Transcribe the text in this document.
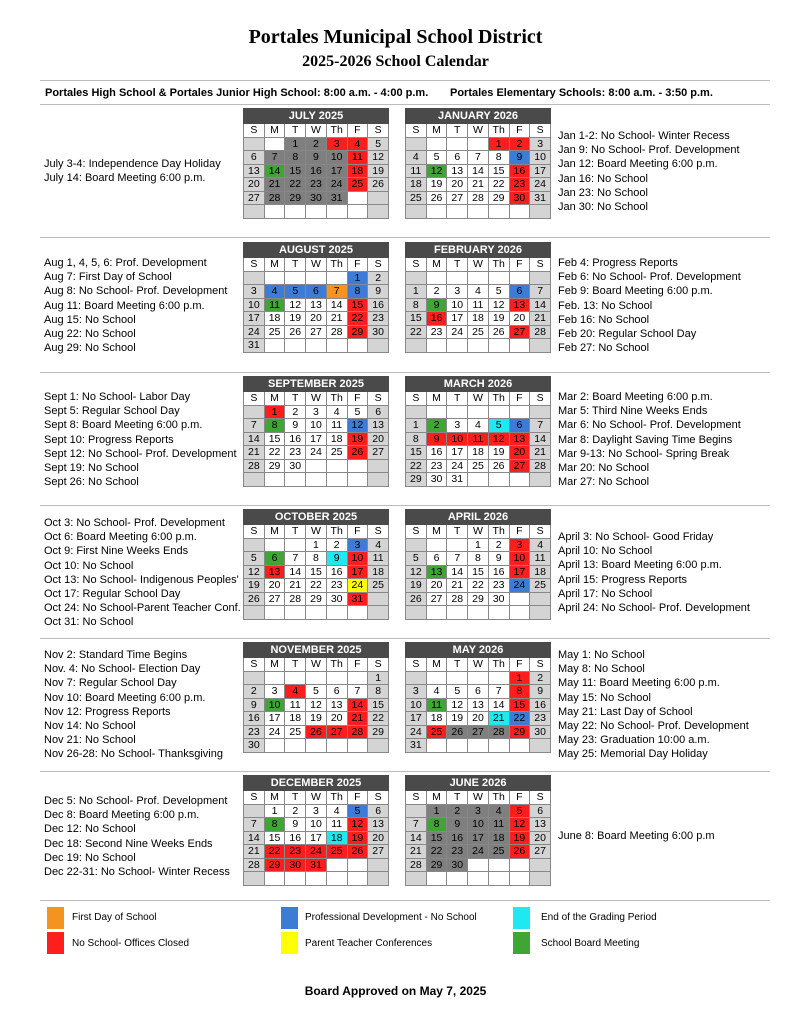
Portales Municipal School District
2025-2026 School Calendar
Portales High School & Portales Junior High School: 8:00 a.m. - 4:00 p.m. Portales Elementary Schools: 8:00 a.m. - 3:50 p.m.
JULY 2025						
S	M	T	W	Th	F	S
		1	2	3	4	5
6	7	8	9	10	11	12
13	14	15	16	17	18	19
20	21	22	23	24	25	26
27	28	29	30	31		

JANUARY 2026						
S	M	T	W	Th	F	S
				1	2	3
4	5	6	7	8	9	10
11	12	13	14	15	16	17
18	19	20	21	22	23	24
25	26	27	28	29	30	31

AUGUST 2025						
S	M	T	W	Th	F	S
					1	2
3	4	5	6	7	8	9
10	11	12	13	14	15	16
17	18	19	20	21	22	23
24	25	26	27	28	29	30
31						
FEBRUARY 2026						
S	M	T	W	Th	F	S

1	2	3	4	5	6	7
8	9	10	11	12	13	14
15	16	17	18	19	20	21
22	23	24	25	26	27	28

SEPTEMBER 2025						
S	M	T	W	Th	F	S
	1	2	3	4	5	6
7	8	9	10	11	12	13
14	15	16	17	18	19	20
21	22	23	24	25	26	27
28	29	30				

MARCH 2026						
S	M	T	W	Th	F	S

1	2	3	4	5	6	7
8	9	10	11	12	13	14
15	16	17	18	19	20	21
22	23	24	25	26	27	28
29	30	31				
OCTOBER 2025						
S	M	T	W	Th	F	S
			1	2	3	4
5	6	7	8	9	10	11
12	13	14	15	16	17	18
19	20	21	22	23	24	25
26	27	28	29	30	31	

APRIL 2026						
S	M	T	W	Th	F	S
			1	2	3	4
5	6	7	8	9	10	11
12	13	14	15	16	17	18
19	20	21	22	23	24	25
26	27	28	29	30		

NOVEMBER 2025						
S	M	T	W	Th	F	S
						1
2	3	4	5	6	7	8
9	10	11	12	13	14	15
16	17	18	19	20	21	22
23	24	25	26	27	28	29
30						
MAY 2026						
S	M	T	W	Th	F	S
					1	2
3	4	5	6	7	8	9
10	11	12	13	14	15	16
17	18	19	20	21	22	23
24	25	26	27	28	29	30
31						
DECEMBER 2025						
S	M	T	W	Th	F	S
	1	2	3	4	5	6
7	8	9	10	11	12	13
14	15	16	17	18	19	20
21	22	23	24	25	26	27
28	29	30	31			

JUNE 2026						
S	M	T	W	Th	F	S
	1	2	3	4	5	6
7	8	9	10	11	12	13
14	15	16	17	18	19	20
21	22	23	24	25	26	27
28	29	30				

July 3-4: Independence Day Holiday
July 14: Board Meeting 6:00 p.m.
Aug 1, 4, 5, 6: Prof. Development
Aug 7: First Day of School
Aug 8: No School- Prof. Development
Aug 11: Board Meeting 6:00 p.m.
Aug 15: No School
Aug 22: No School
Aug 29: No School
Sept 1: No School- Labor Day
Sept 5: Regular School Day
Sept 8: Board Meeting 6:00 p.m.
Sept 10: Progress Reports
Sept 12: No School- Prof. Development
Sept 19: No School
Sept 26: No School
Oct 3: No School- Prof. Development
Oct 6: Board Meeting 6:00 p.m.
Oct 9: First Nine Weeks Ends
Oct 10: No School
Oct 13: No School- Indigenous Peoples'
Oct 17: Regular School Day
Oct 24: No School-Parent Teacher Conf.
Oct 31: No School
Nov 2: Standard Time Begins
Nov. 4: No School- Election Day
Nov 7: Regular School Day
Nov 10: Board Meeting 6:00 p.m.
Nov 12: Progress Reports
Nov 14: No School
Nov 21: No School
Nov 26-28: No School- Thanksgiving
Dec 5: No School- Prof. Development
Dec 8: Board Meeting 6:00 p.m.
Dec 12: No School
Dec 18: Second Nine Weeks Ends
Dec 19: No School
Dec 22-31: No School- Winter Recess
Jan 1-2: No School- Winter Recess
Jan 9: No School- Prof. Development
Jan 12: Board Meeting 6:00 p.m.
Jan 16: No School
Jan 23: No School
Jan 30: No School
Feb 4: Progress Reports
Feb 6: No School- Prof. Development
Feb 9: Board Meeting 6:00 p.m.
Feb. 13: No School
Feb 16: No School
Feb 20: Regular School Day
Feb 27: No School
Mar 2: Board Meeting 6:00 p.m.
Mar 5: Third Nine Weeks Ends
Mar 6: No School- Prof. Development
Mar 8: Daylight Saving Time Begins
Mar 9-13: No School- Spring Break
Mar 20: No School
Mar 27: No School
April 3: No School- Good Friday
April 10: No School
April 13: Board Meeting 6:00 p.m.
April 15: Progress Reports
April 17: No School
April 24: No School- Prof. Development
May 1: No School
May 8: No School
May 11: Board Meeting 6:00 p.m.
May 15: No School
May 21: Last Day of School
May 22: No School- Prof. Development
May 23: Graduation 10:00 a.m.
May 25: Memorial Day Holiday
June 8: Board Meeting 6:00 p.m
First Day of School
No School- Offices Closed
Professional Development - No School
Parent Teacher Conferences
End of the Grading Period
School Board Meeting
Board Approved on May 7, 2025
